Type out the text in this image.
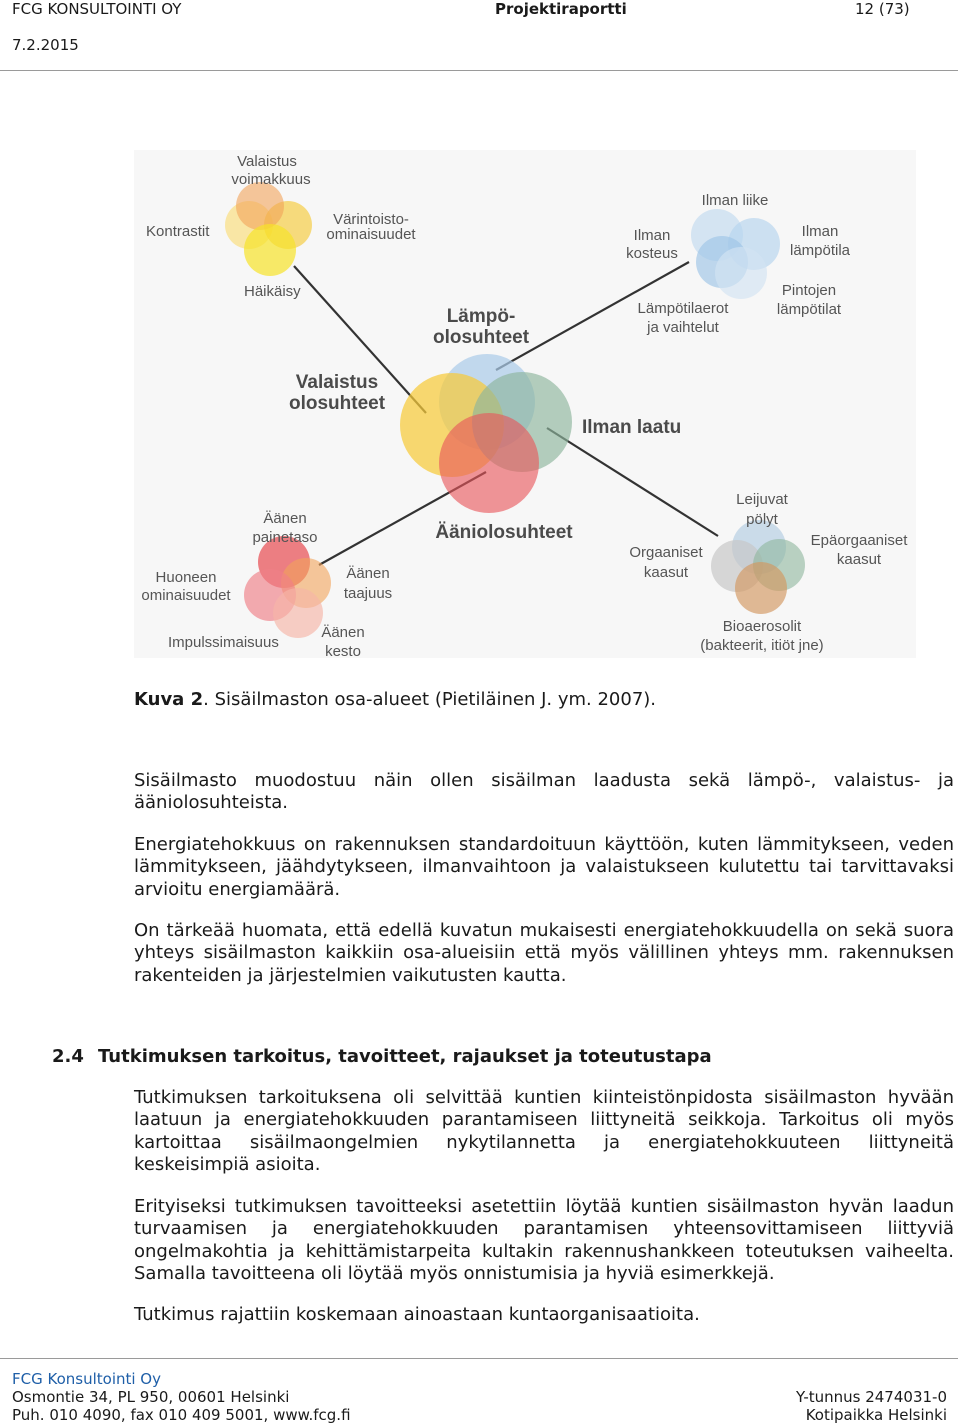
FCG KONSULTOINTI OY	Projektiraportti	12 (73)
7.2.2015
Lämpö-
olosuhteet
Valaistus
olosuhteet
Ilman laatu
Ääniolosuhteet
Valaistus
voimakkuus
Kontrastit
Värintoisto-
ominaisuudet
Häikäisy
Ilman liike
Ilman
kosteus
Ilman
lämpötila
Pintojen
lämpötilat
Lämpötilaerot
ja vaihtelut
Äänen
painetaso
Huoneen
ominaisuudet
Äänen
taajuus
Äänen
kesto
Impulssimaisuus
Leijuvat
pölyt
Orgaaniset
kaasut
Epäorgaaniset
kaasut
Bioaerosolit
(bakteerit, itiöt jne)
Kuva 2. Sisäilmaston osa-alueet (Pietiläinen J. ym. 2007).

Sisäilmasto muodostuu näin ollen sisäilman laadusta sekä lämpö-, valaistus- ja ääniolosuhteista.

Energiatehokkuus on rakennuksen standardoituun käyttöön, kuten lämmitykseen, veden lämmitykseen, jäähdytykseen, ilmanvaihtoon ja valaistukseen kulutettu tai tarvittavaksi arvioitu energiamäärä.

On tärkeää huomata, että edellä kuvatun mukaisesti energiatehokkuudella on sekä suora yhteys sisäilmaston kaikkiin osa-alueisiin että myös välillinen yhteys mm. rakennuksen rakenteiden ja järjestelmien vaikutusten kautta.

2.4 Tutkimuksen tarkoitus, tavoitteet, rajaukset ja toteutustapa

Tutkimuksen tarkoituksena oli selvittää kuntien kiinteistönpidosta sisäilmaston hyvään laatuun ja energiatehokkuuden parantamiseen liittyneitä seikkoja. Tarkoitus oli myös kartoittaa sisäilmaongelmien nykytilannetta ja energiatehokkuuteen liittyneitä keskeisimpiä asioita.

Erityiseksi tutkimuksen tavoitteeksi asetettiin löytää kuntien sisäilmaston hyvän laadun turvaamisen ja energiatehokkuuden parantamisen yhteensovittamiseen liittyviä ongelmakohtia ja kehittämistarpeita kultakin rakennushankkeen toteutuksen vaiheelta. Samalla tavoitteena oli löytää myös onnistumisia ja hyviä esimerkkejä.

Tutkimus rajattiin koskemaan ainoastaan kuntaorganisaatioita.

FCG Konsultointi Oy
Osmontie 34, PL 950, 00601 Helsinki
Puh. 010 4090, fax 010 409 5001, www.fcg.fi
Y-tunnus 2474031-0
Kotipaikka Helsinki
